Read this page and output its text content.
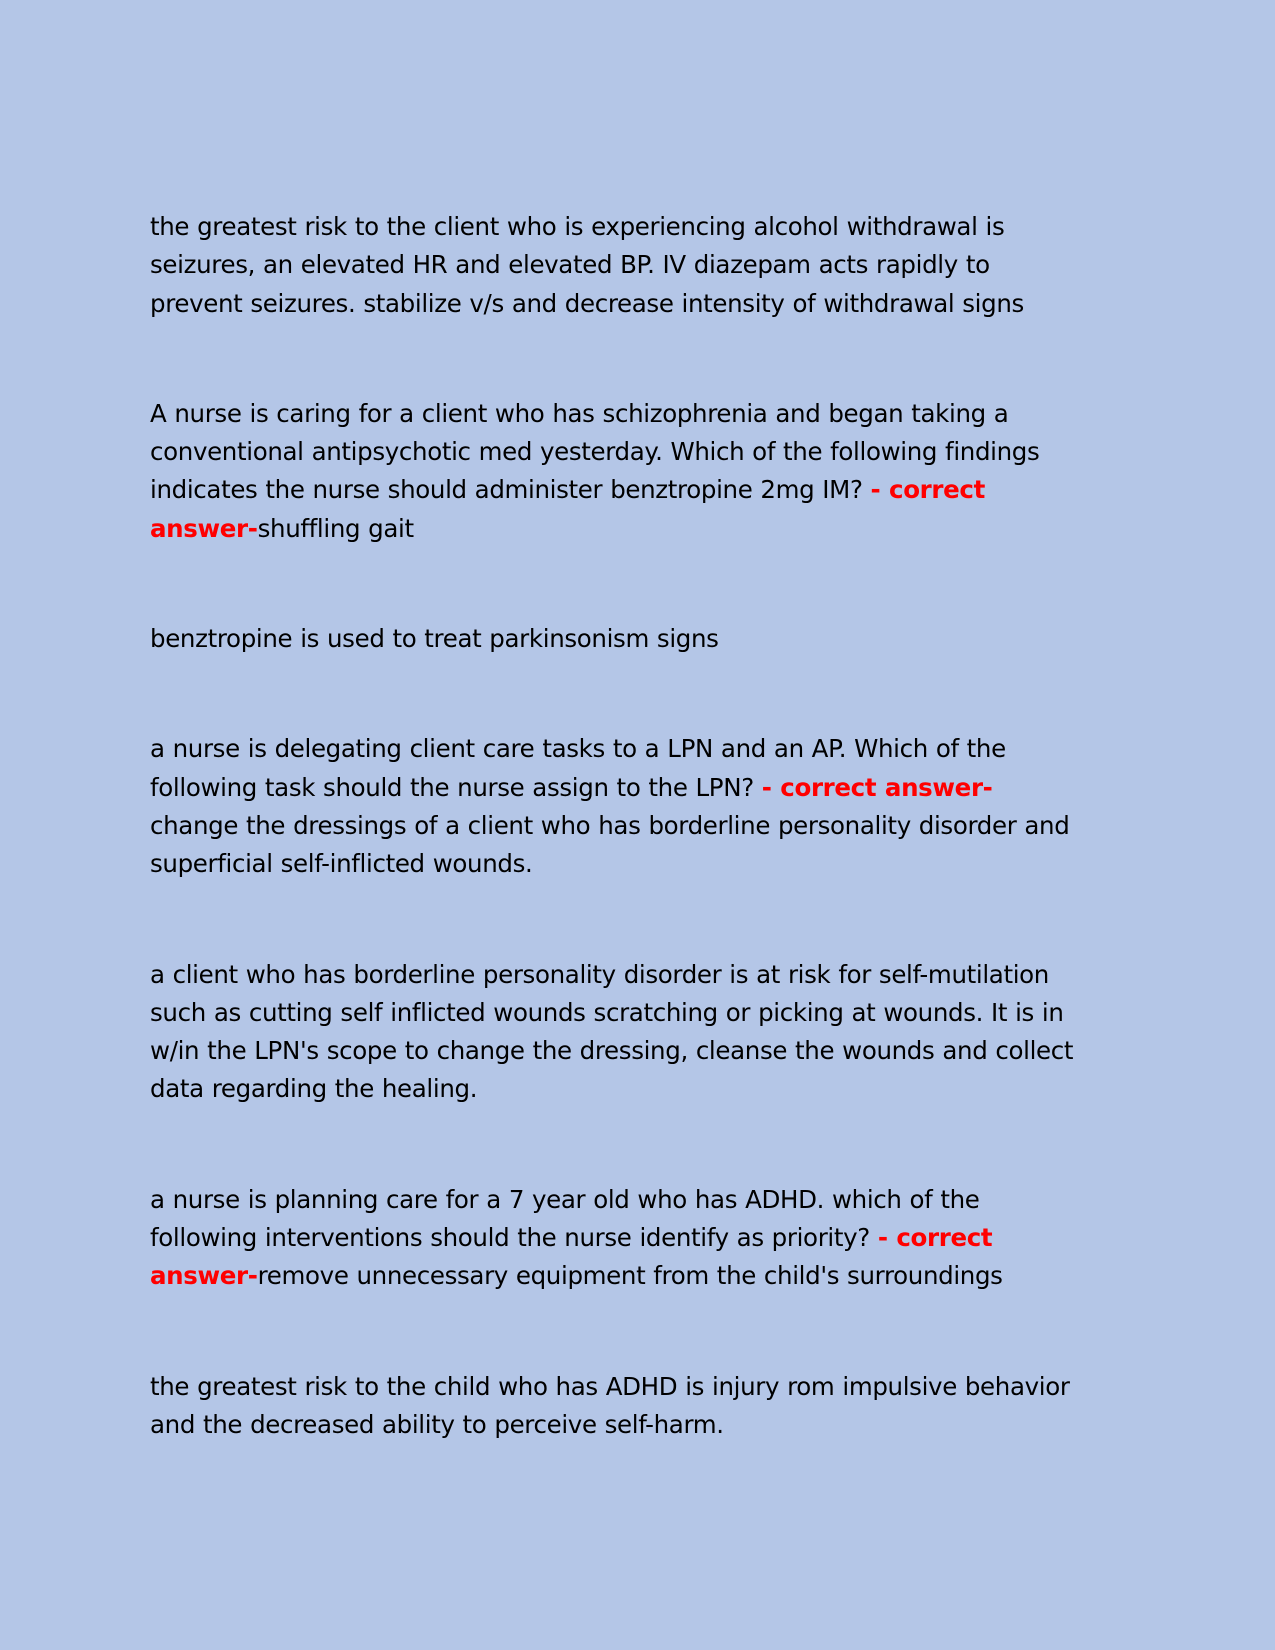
the greatest risk to the client who is experiencing alcohol withdrawal is seizures, an elevated HR and elevated BP. IV diazepam acts rapidly to prevent seizures. stabilize v/s and decrease intensity of withdrawal signs

A nurse is caring for a client who has schizophrenia and began taking a conventional antipsychotic med yesterday. Which of the following findings indicates the nurse should administer benztropine 2mg IM? - correct answer-shuffling gait

benztropine is used to treat parkinsonism signs

a nurse is delegating client care tasks to a LPN and an AP. Which of the following task should the nurse assign to the LPN? - correct answer-change the dressings of a client who has borderline personality disorder and superficial self-inflicted wounds.

a client who has borderline personality disorder is at risk for self-mutilation such as cutting self inflicted wounds scratching or picking at wounds. It is in w/in the LPN's scope to change the dressing, cleanse the wounds and collect data regarding the healing.

a nurse is planning care for a 7 year old who has ADHD. which of the following interventions should the nurse identify as priority? - correct answer-remove unnecessary equipment from the child's surroundings

the greatest risk to the child who has ADHD is injury rom impulsive behavior and the decreased ability to perceive self-harm.
